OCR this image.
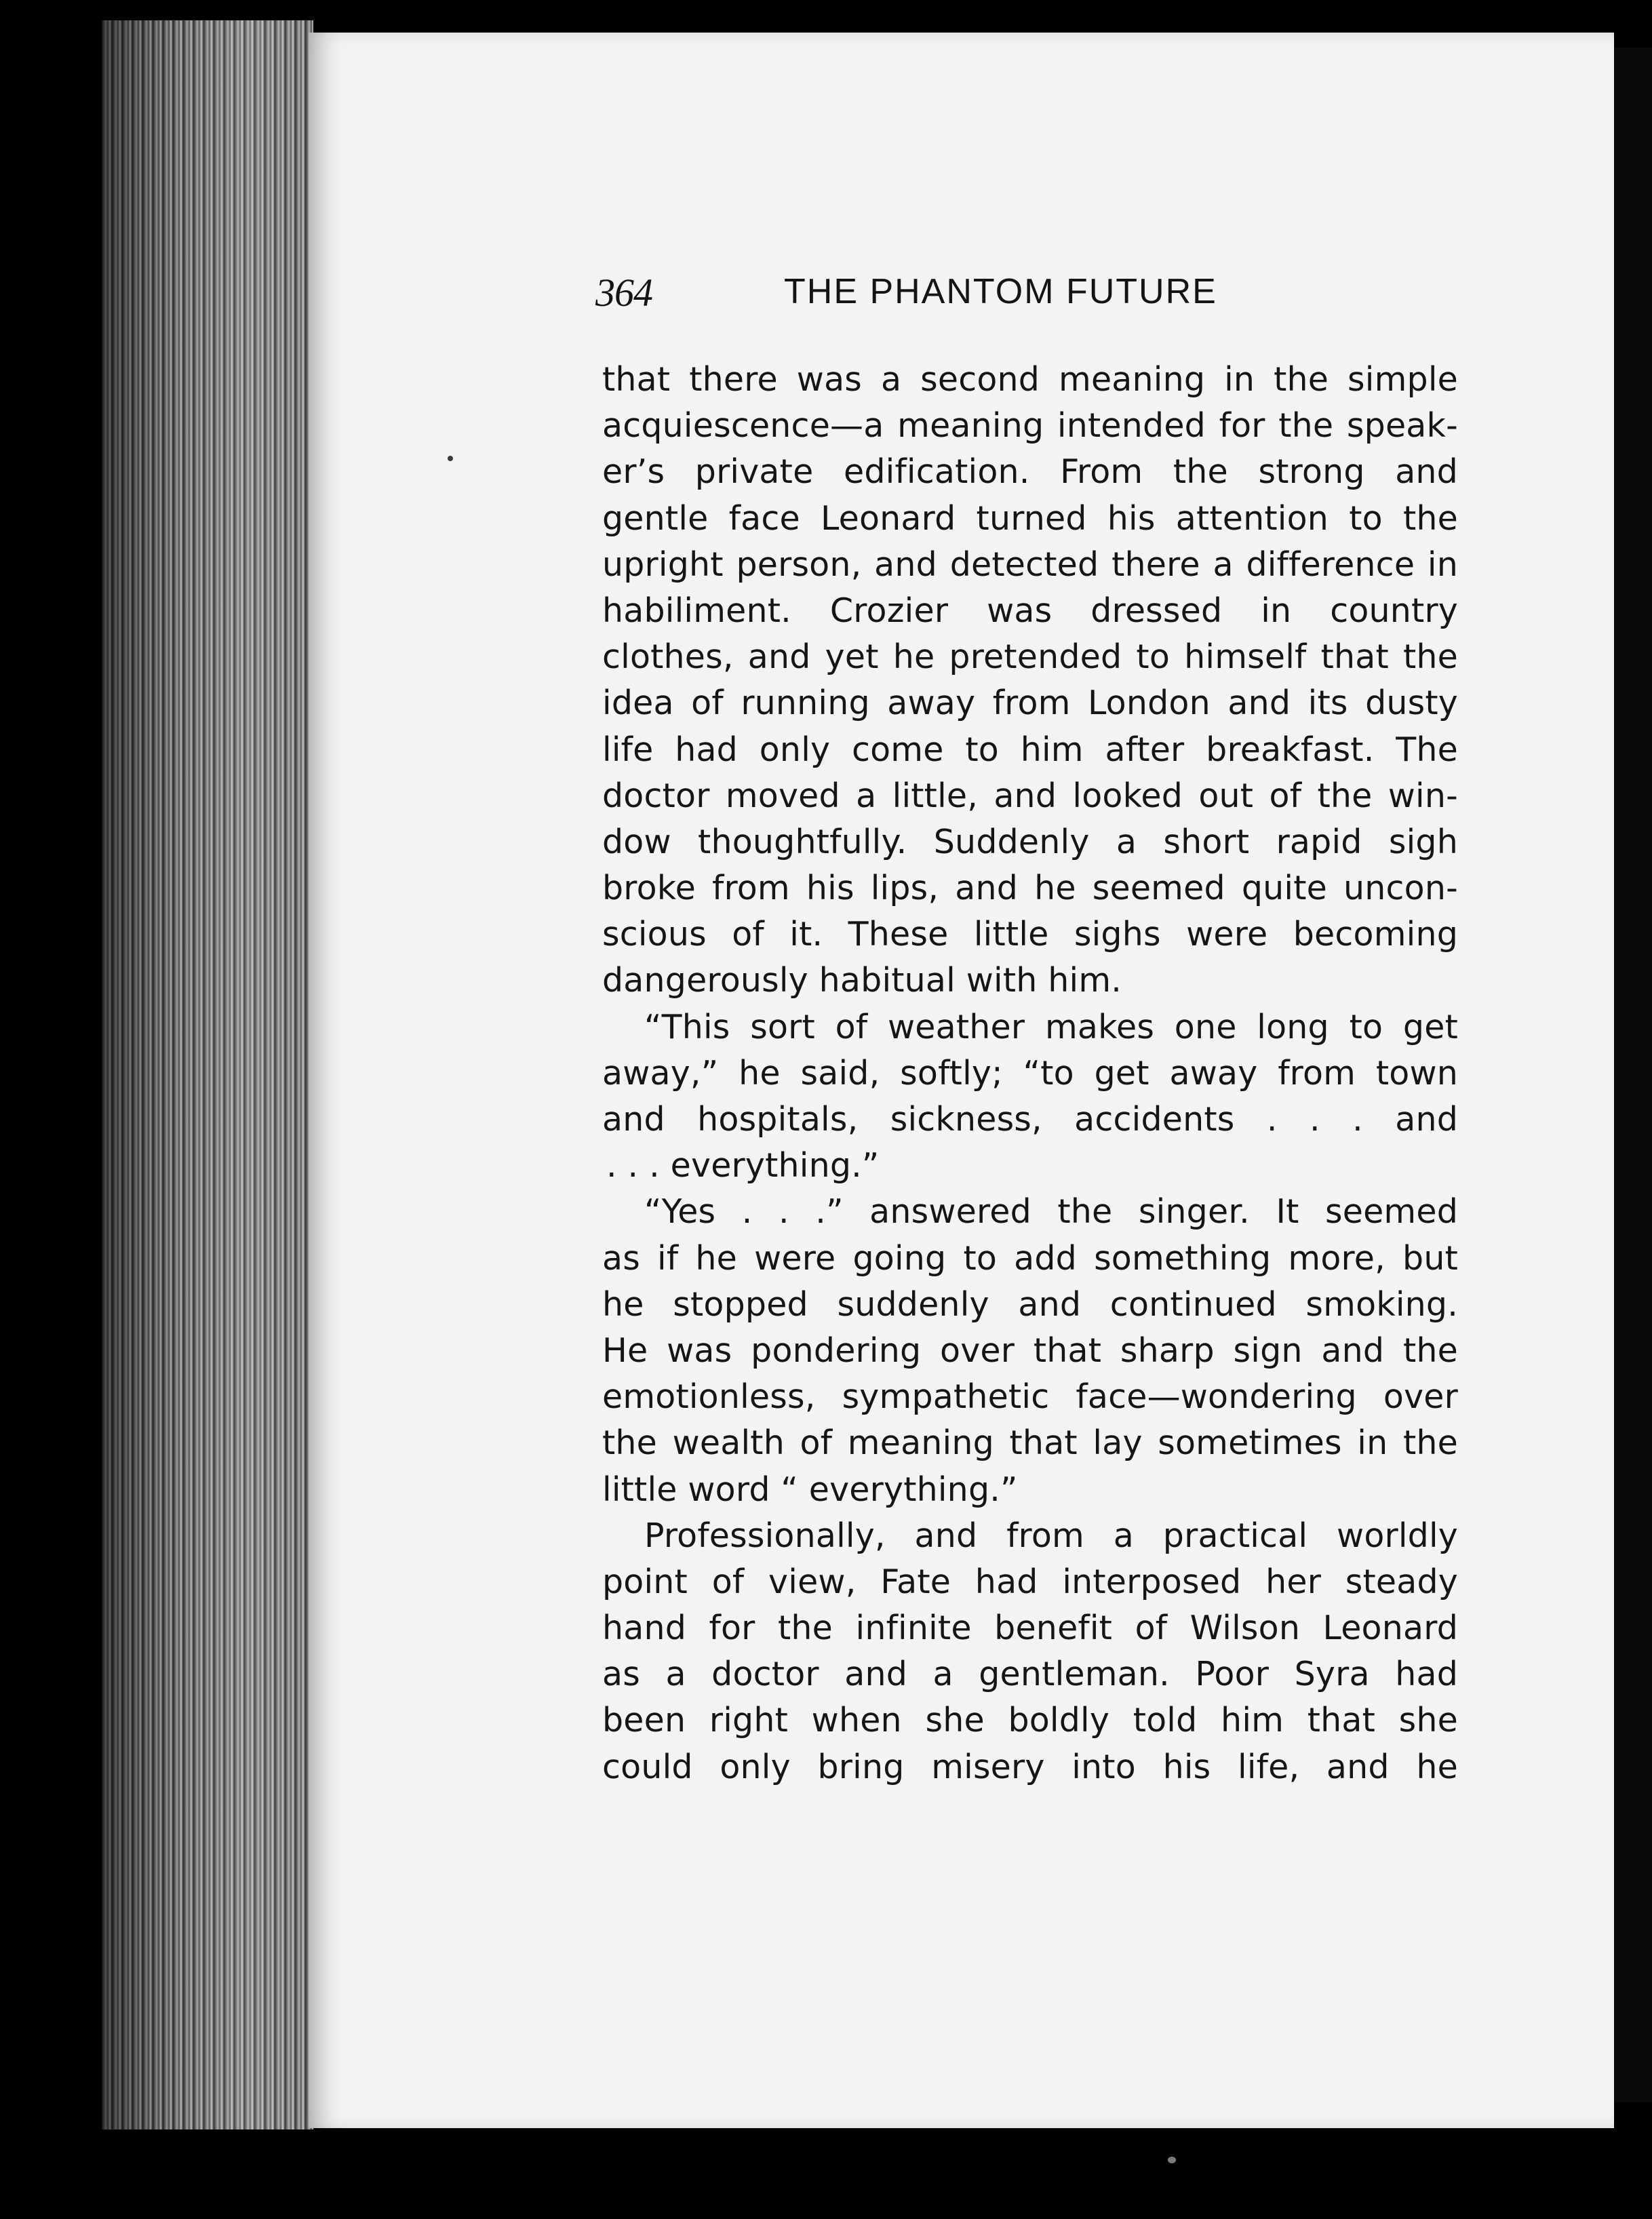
364	THE PHANTOM FUTURE
that there was a second meaning in the simple
acquiescence—a meaning intended for the speak-
er’s private edification. From the strong and
gentle face Leonard turned his attention to the
upright person, and detected there a difference in
habiliment. Crozier was dressed in country
clothes, and yet he pretended to himself that the
idea of running away from London and its dusty
life had only come to him after breakfast. The
doctor moved a little, and looked out of the win-
dow thoughtfully. Suddenly a short rapid sigh
broke from his lips, and he seemed quite uncon-
scious of it. These little sighs were becoming
dangerously habitual with him.
“This sort of weather makes one long to get
away,” he said, softly; “to get away from town
and hospitals, sickness, accidents . . . and
. . . everything.”
“Yes . . .” answered the singer. It seemed
as if he were going to add something more, but
he stopped suddenly and continued smoking.
He was pondering over that sharp sign and the
emotionless, sympathetic face—wondering over
the wealth of meaning that lay sometimes in the
little word “ everything.”
Professionally, and from a practical worldly
point of view, Fate had interposed her steady
hand for the infinite benefit of Wilson Leonard
as a doctor and a gentleman. Poor Syra had
been right when she boldly told him that she
could only bring misery into his life, and he
